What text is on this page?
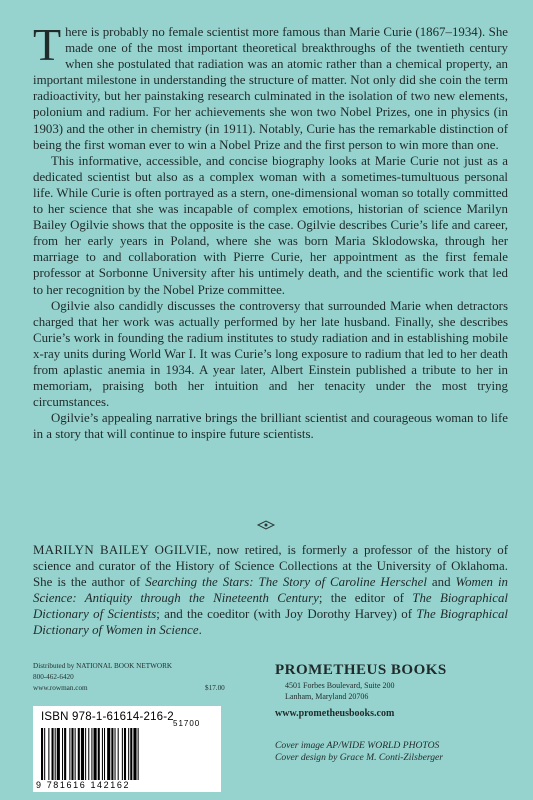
There is probably no female scientist more famous than Marie Curie (1867–1934). She made one of the most important theoretical breakthroughs of the twentieth century when she postulated that radiation was an atomic rather than a chemical property, an important milestone in understanding the structure of matter. Not only did she coin the term radioactivity, but her painstaking research culminated in the isolation of two new elements, polonium and radium. For her achievements she won two Nobel Prizes, one in physics (in 1903) and the other in chemistry (in 1911). Notably, Curie has the remarkable distinction of being the first woman ever to win a Nobel Prize and the first person to win more than one.

This informative, accessible, and concise biography looks at Marie Curie not just as a dedicated scientist but also as a complex woman with a sometimes-tumultuous personal life. While Curie is often portrayed as a stern, one-dimensional woman so totally committed to her science that she was incapable of complex emotions, historian of science Marilyn Bailey Ogilvie shows that the opposite is the case. Ogilvie describes Curie’s life and career, from her early years in Poland, where she was born Maria Sklodowska, through her marriage to and collaboration with Pierre Curie, her appointment as the first female professor at Sorbonne University after his untimely death, and the scientific work that led to her recognition by the Nobel Prize committee.

Ogilvie also candidly discusses the controversy that surrounded Marie when detractors charged that her work was actually performed by her late husband. Finally, she describes Curie’s work in founding the radium institutes to study radiation and in establishing mobile x-ray units during World War I. It was Curie’s long exposure to radium that led to her death from aplastic anemia in 1934. A year later, Albert Einstein published a tribute to her in memoriam, praising both her intuition and her tenacity under the most trying circumstances.

Ogilvie’s appealing narrative brings the brilliant scientist and courageous woman to life in a story that will continue to inspire future scientists.

MARILYN BAILEY OGILVIE, now retired, is formerly a professor of the history of science and curator of the History of Science Collections at the University of Oklahoma. She is the author of Searching the Stars: The Story of Caroline Herschel and Women in Science: Antiquity through the Nineteenth Century; the editor of The Biographical Dictionary of Scientists; and the coeditor (with Joy Dorothy Harvey) of The Biographical Dictionary of Women in Science.

Distributed by NATIONAL BOOK NETWORK
800-462-6420
www.rowman.com	$17.00
ISBN 978-1-61614-216-2
51700
9 781616 142162
PROMETHEUS BOOKS
4501 Forbes Boulevard, Suite 200
Lanham, Maryland 20706
www.prometheusbooks.com
Cover image AP/WIDE WORLD PHOTOS
Cover design by Grace M. Conti-Zilsberger
